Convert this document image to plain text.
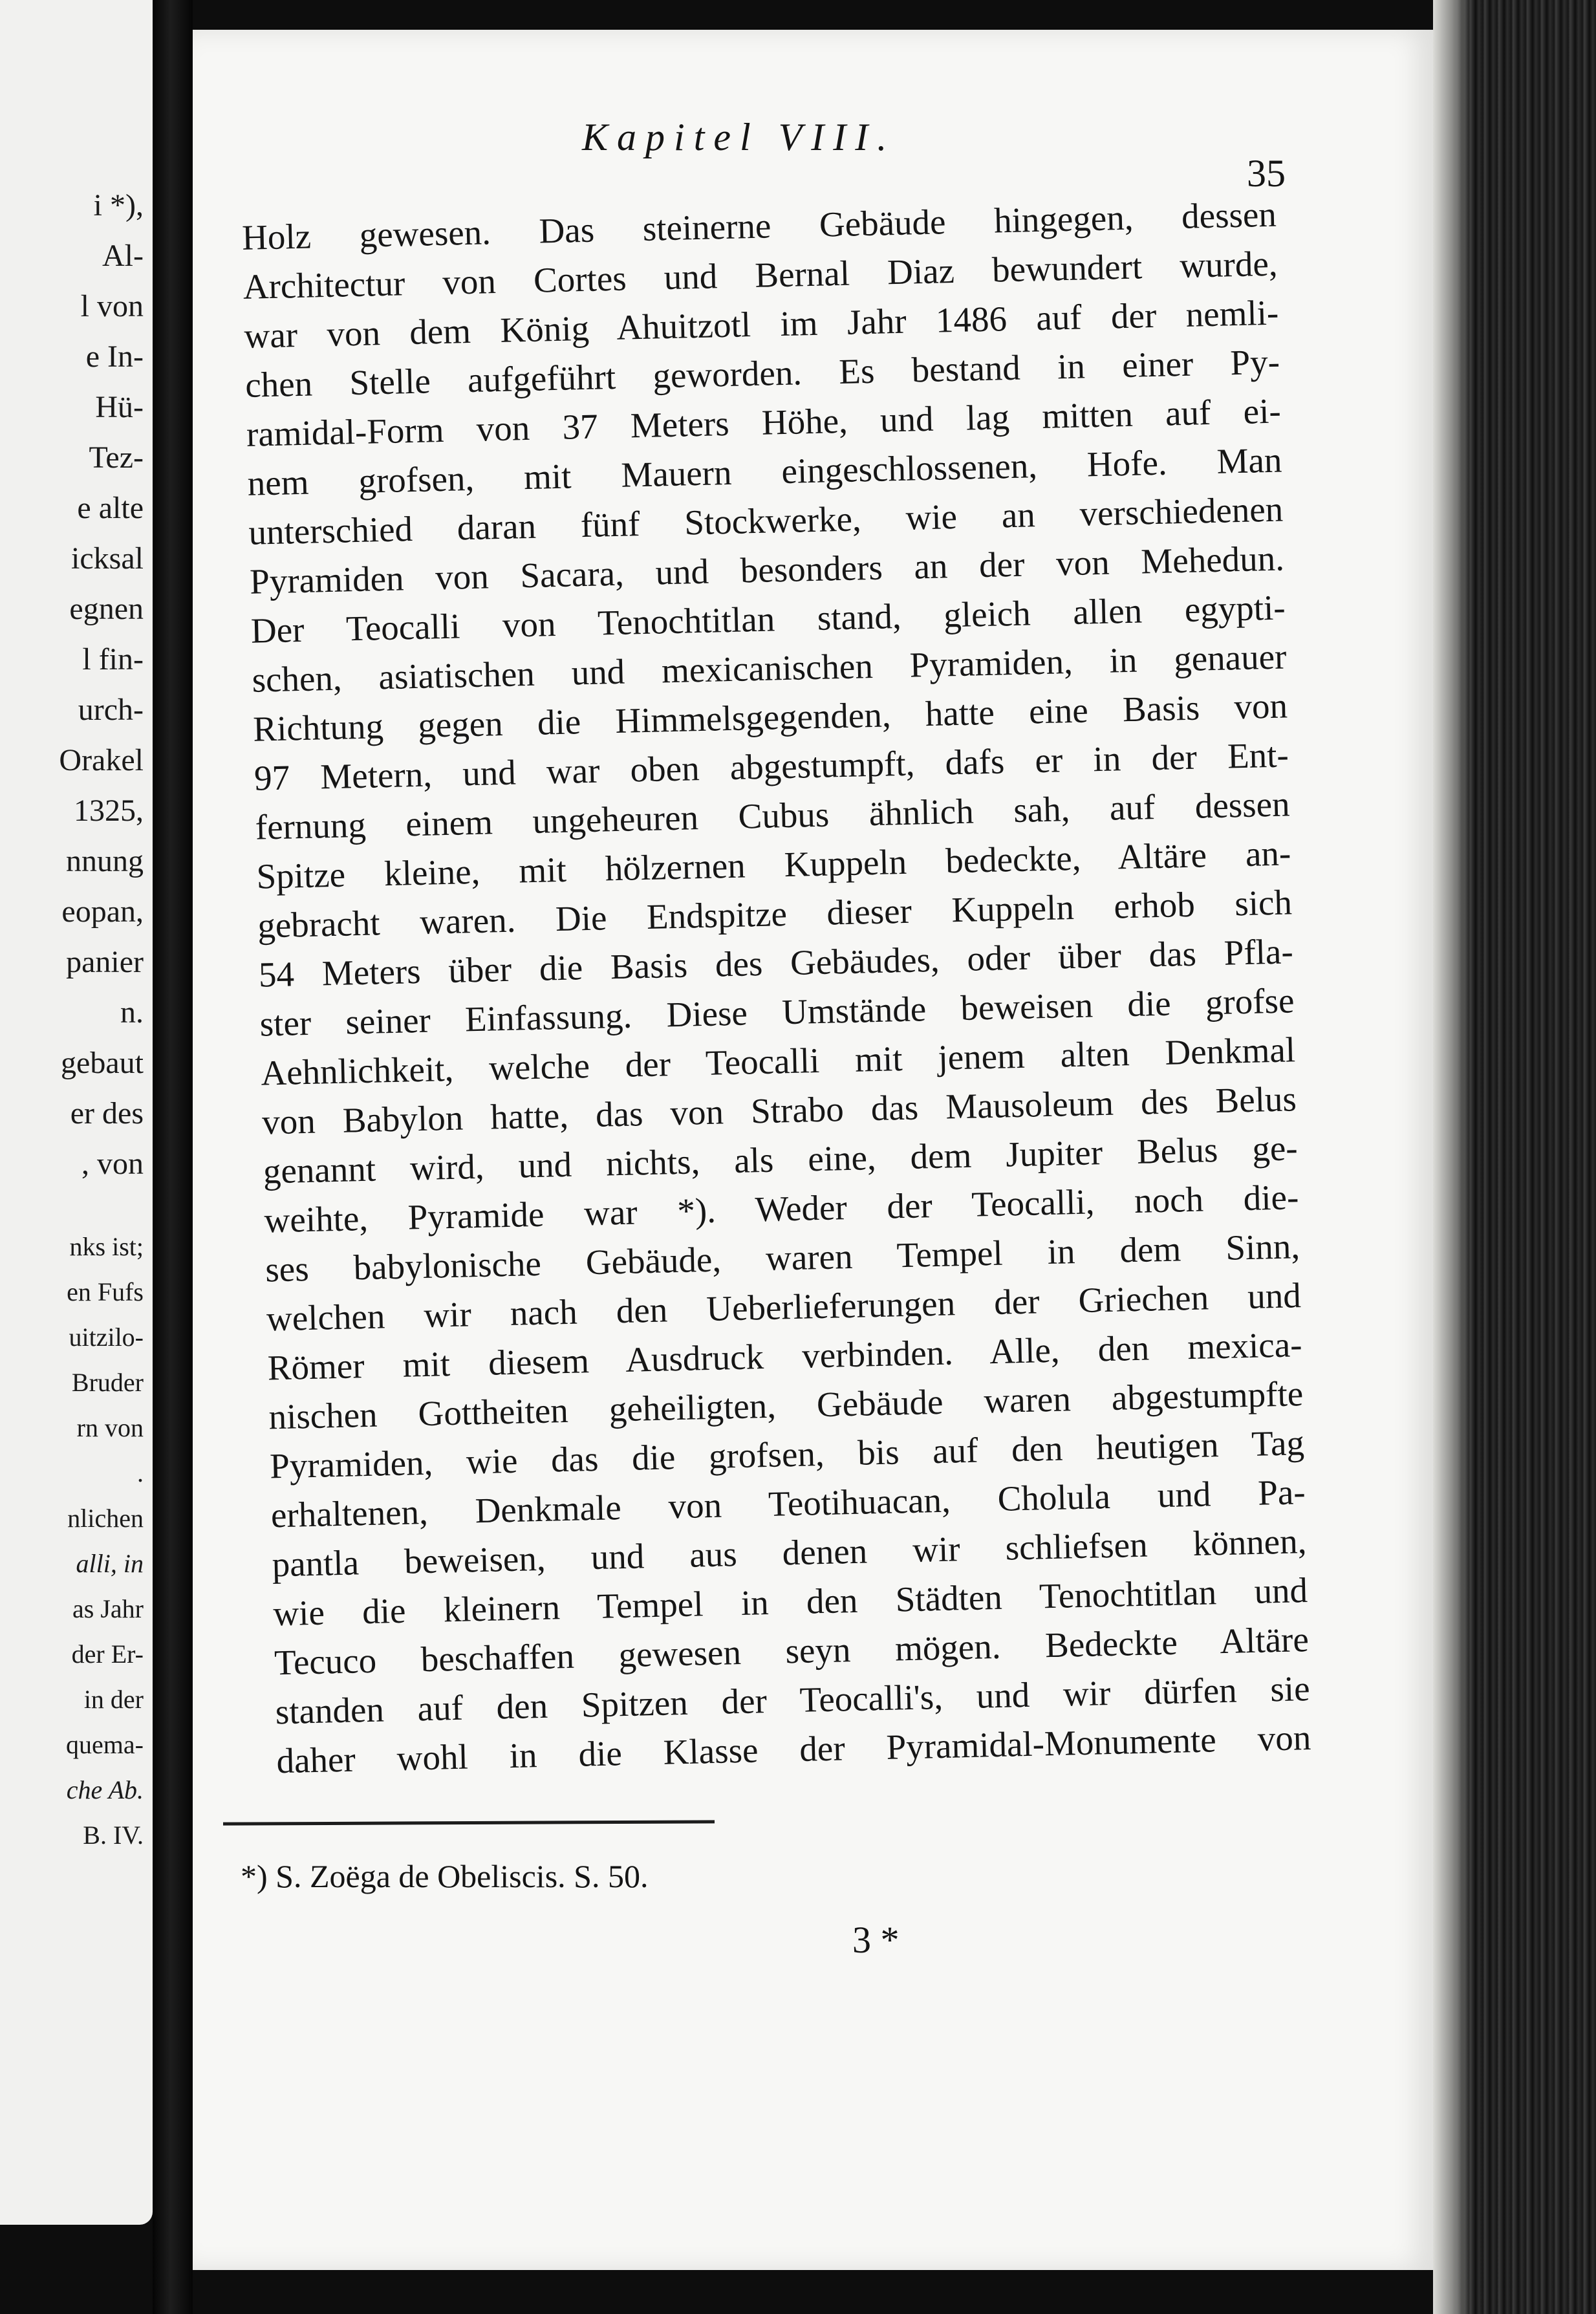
i *),
Al-
l von
e In-
Hü-
Tez-
e alte
icksal
egnen
l fin-
urch-
Orakel
1325,
nnung
eopan,
panier
n.
gebaut
er des
, von
nks ist;
en Fufs
uitzilo-
Bruder
rn von
.
nlichen
alli, in
as Jahr
der Er-
in der
quema-
che Ab.
B. IV.
Kapitel VIII.
35
Holz gewesen. Das steinerne Gebäude hingegen, dessen
Architectur von Cortes und Bernal Diaz bewundert wurde,
war von dem König Ahuitzotl im Jahr 1486 auf der nemli-
chen Stelle aufgeführt geworden. Es bestand in einer Py-
ramidal-Form von 37 Meters Höhe, und lag mitten auf ei-
nem grofsen, mit Mauern eingeschlossenen, Hofe. Man
unterschied daran fünf Stockwerke, wie an verschiedenen
Pyramiden von Sacara, und besonders an der von Mehedun.
Der Teocalli von Tenochtitlan stand, gleich allen egypti-
schen, asiatischen und mexicanischen Pyramiden, in genauer
Richtung gegen die Himmelsgegenden, hatte eine Basis von
97 Metern, und war oben abgestumpft, dafs er in der Ent-
fernung einem ungeheuren Cubus ähnlich sah, auf dessen
Spitze kleine, mit hölzernen Kuppeln bedeckte, Altäre an-
gebracht waren. Die Endspitze dieser Kuppeln erhob sich
54 Meters über die Basis des Gebäudes, oder über das Pfla-
ster seiner Einfassung. Diese Umstände beweisen die grofse
Aehnlichkeit, welche der Teocalli mit jenem alten Denkmal
von Babylon hatte, das von Strabo das Mausoleum des Belus
genannt wird, und nichts, als eine, dem Jupiter Belus ge-
weihte, Pyramide war *). Weder der Teocalli, noch die-
ses babylonische Gebäude, waren Tempel in dem Sinn,
welchen wir nach den Ueberlieferungen der Griechen und
Römer mit diesem Ausdruck verbinden. Alle, den mexica-
nischen Gottheiten geheiligten, Gebäude waren abgestumpfte
Pyramiden, wie das die grofsen, bis auf den heutigen Tag
erhaltenen, Denkmale von Teotihuacan, Cholula und Pa-
pantla beweisen, und aus denen wir schliefsen können,
wie die kleinern Tempel in den Städten Tenochtitlan und
Tecuco beschaffen gewesen seyn mögen. Bedeckte Altäre
standen auf den Spitzen der Teocalli's, und wir dürfen sie
daher wohl in die Klasse der Pyramidal-Monumente von
*) S. Zoëga de Obeliscis. S. 50.
3 *
